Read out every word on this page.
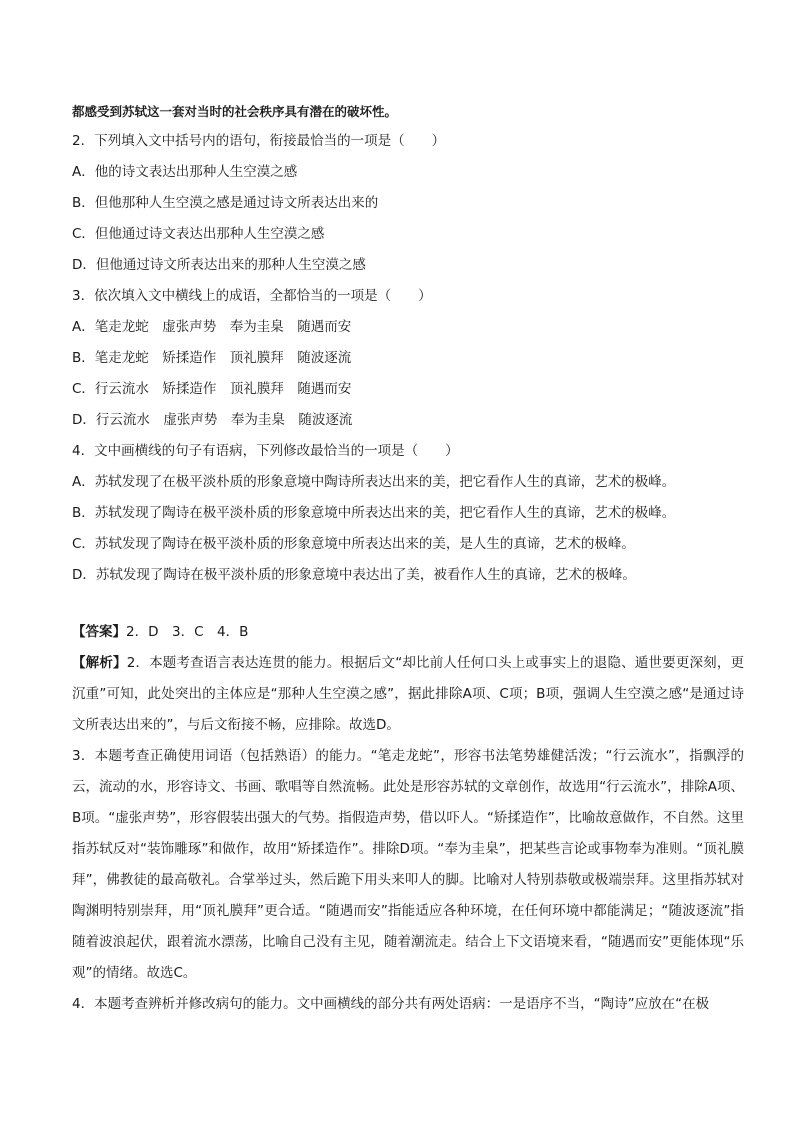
都感受到苏轼这一套对当时的社会秩序具有潜在的破坏性。
2．下列填入文中括号内的语句，衔接最恰当的一项是（　　）
A．他的诗文表达出那种人生空漠之感
B．但他那种人生空漠之感是通过诗文所表达出来的
C．但他通过诗文表达出那种人生空漠之感
D．但他通过诗文所表达出来的那种人生空漠之感
3．依次填入文中横线上的成语，全都恰当的一项是（　　）
A．笔走龙蛇　虚张声势　奉为圭臬　随遇而安
B．笔走龙蛇　矫揉造作　顶礼膜拜　随波逐流
C．行云流水　矫揉造作　顶礼膜拜　随遇而安
D．行云流水　虚张声势　奉为圭臬　随波逐流
4．文中画横线的句子有语病，下列修改最恰当的一项是（　　）
A．苏轼发现了在极平淡朴质的形象意境中陶诗所表达出来的美，把它看作人生的真谛，艺术的极峰。
B．苏轼发现了陶诗在极平淡朴质的形象意境中所表达出来的美，把它看作人生的真谛，艺术的极峰。
C．苏轼发现了陶诗在极平淡朴质的形象意境中所表达出来的美，是人生的真谛，艺术的极峰。
D．苏轼发现了陶诗在极平淡朴质的形象意境中表达出了美，被看作人生的真谛，艺术的极峰。
【答案】2．D　3．C　4．B
【解析】2．本题考查语言表达连贯的能力。根据后文“却比前人任何口头上或事实上的退隐、遁世要更深刻，更沉重”可知，此处突出的主体应是“那种人生空漠之感”，据此排除A项、C项；B项，强调人生空漠之感“是通过诗文所表达出来的”，与后文衔接不畅，应排除。故选D。
3．本题考查正确使用词语（包括熟语）的能力。“笔走龙蛇”，形容书法笔势雄健活泼；“行云流水”，指飘浮的云，流动的水，形容诗文、书画、歌唱等自然流畅。此处是形容苏轼的文章创作，故选用“行云流水”，排除A项、B项。“虚张声势”，形容假装出强大的气势。指假造声势，借以吓人。“矫揉造作”，比喻故意做作，不自然。这里指苏轼反对“装饰雕琢”和做作，故用“矫揉造作”。排除D项。“奉为圭臬”，把某些言论或事物奉为准则。“顶礼膜拜”，佛教徒的最高敬礼。合掌举过头，然后跪下用头来叩人的脚。比喻对人特别恭敬或极端崇拜。这里指苏轼对陶渊明特别崇拜，用“顶礼膜拜”更合适。“随遇而安”指能适应各种环境，在任何环境中都能满足；“随波逐流”指随着波浪起伏，跟着流水漂荡，比喻自己没有主见，随着潮流走。结合上下文语境来看，“随遇而安”更能体现“乐观”的情绪。故选C。
4．本题考查辨析并修改病句的能力。文中画横线的部分共有两处语病：一是语序不当，“陶诗”应放在“在极
